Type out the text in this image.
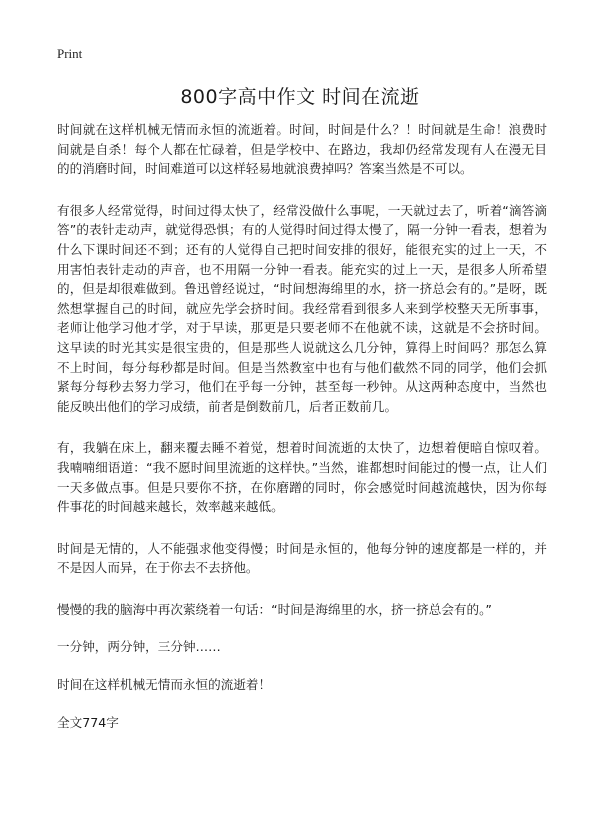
Print
800字高中作文 时间在流逝

时间就在这样机械无情而永恒的流逝着。时间，时间是什么？！时间就是生命！浪费时间就是自杀！每个人都在忙碌着，但是学校中、在路边，我却仍经常发现有人在漫无目的的消磨时间，时间难道可以这样轻易地就浪费掉吗？答案当然是不可以。

有很多人经常觉得，时间过得太快了，经常没做什么事呢，一天就过去了，听着“滴答滴答”的表针走动声，就觉得恐惧；有的人觉得时间过得太慢了，隔一分钟一看表，想着为什么下课时间还不到；还有的人觉得自己把时间安排的很好，能很充实的过上一天，不用害怕表针走动的声音，也不用隔一分钟一看表。能充实的过上一天，是很多人所希望的，但是却很难做到。鲁迅曾经说过，“时间想海绵里的水，挤一挤总会有的。”是呀，既然想掌握自己的时间，就应先学会挤时间。我经常看到很多人来到学校整天无所事事，老师让他学习他才学，对于早读，那更是只要老师不在他就不读，这就是不会挤时间。这早读的时光其实是很宝贵的，但是那些人说就这么几分钟，算得上时间吗？那怎么算不上时间，每分每秒都是时间。但是当然教室中也有与他们截然不同的同学，他们会抓紧每分每秒去努力学习，他们在乎每一分钟，甚至每一秒钟。从这两种态度中，当然也能反映出他们的学习成绩，前者是倒数前几，后者正数前几。

有，我躺在床上，翻来覆去睡不着觉，想着时间流逝的太快了，边想着便暗自惊叹着。我喃喃细语道：“我不愿时间里流逝的这样快。”当然，谁都想时间能过的慢一点，让人们一天多做点事。但是只要你不挤，在你磨蹭的同时，你会感觉时间越流越快，因为你每件事花的时间越来越长，效率越来越低。

时间是无情的，人不能强求他变得慢；时间是永恒的，他每分钟的速度都是一样的，并不是因人而异，在于你去不去挤他。

慢慢的我的脑海中再次萦绕着一句话：“时间是海绵里的水，挤一挤总会有的。”

一分钟，两分钟，三分钟……

时间在这样机械无情而永恒的流逝着！

全文774字
